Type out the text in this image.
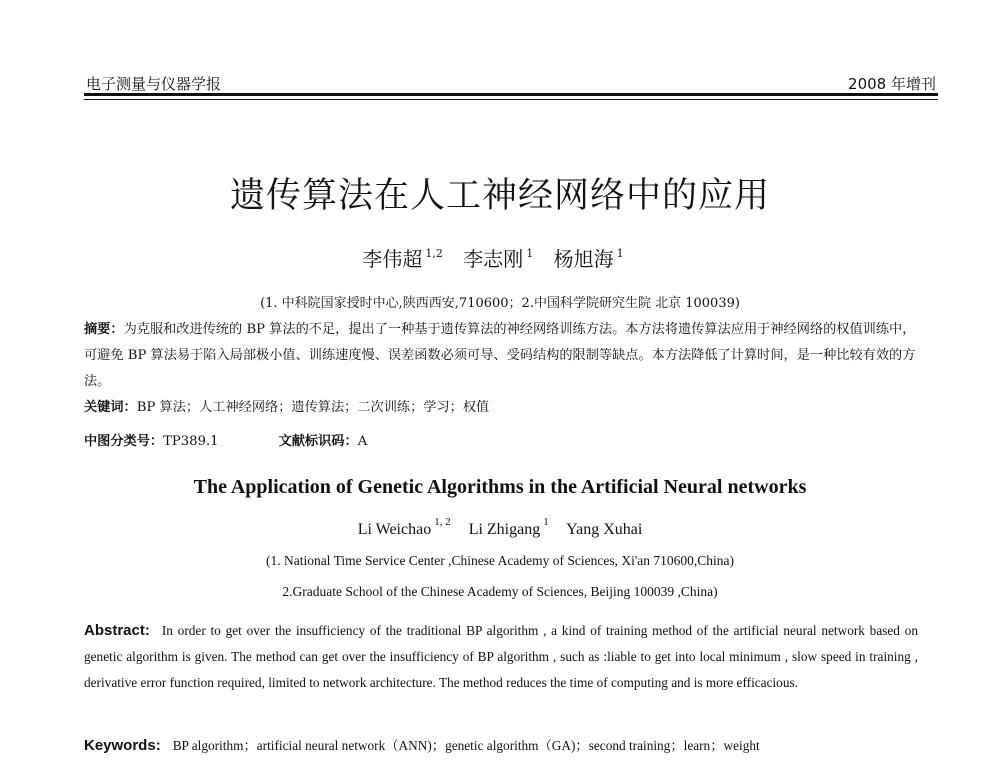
电子测量与仪器学报	2008 年增刊
遗传算法在人工神经网络中的应用
李伟超 $^{1,2}$ 李志刚 $^1$ 杨旭海 $^1$
(1. 中科院国家授时中心,陕西西安,710600；2.中国科学院研究生院 北京 100039)
摘要：为克服和改进传统的 BP 算法的不足，提出了一种基于遗传算法的神经网络训练方法。本方法将遗传算法应用于神经网络的权值训练中，可避免 BP 算法易于陷入局部极小值、训练速度慢、误差函数必须可导、受码结构的限制等缺点。本方法降低了计算时间，是一种比较有效的方法。
关键词：BP 算法；人工神经网络；遗传算法；二次训练；学习；权值
中图分类号：TP389.1	文献标识码：A
The Application of Genetic Algorithms in the Artificial Neural networks
Li Weichao $^{1, 2}$ Li Zhigang $^1$ Yang Xuhai
(1. National Time Service Center ,Chinese Academy of Sciences, Xi'an 710600,China)
2.Graduate School of the Chinese Academy of Sciences, Beijing 100039 ,China)
Abstract: In order to get over the insufficiency of the traditional BP algorithm , a kind of training method of the artificial neural network based on genetic algorithm is given. The method can get over the insufficiency of BP algorithm , such as :liable to get into local minimum , slow speed in training , derivative error function required, limited to network architecture. The method reduces the time of computing and is more efficacious.
Keywords: BP algorithm；artificial neural network（ANN)；genetic algorithm（GA)；second training；learn；weight
